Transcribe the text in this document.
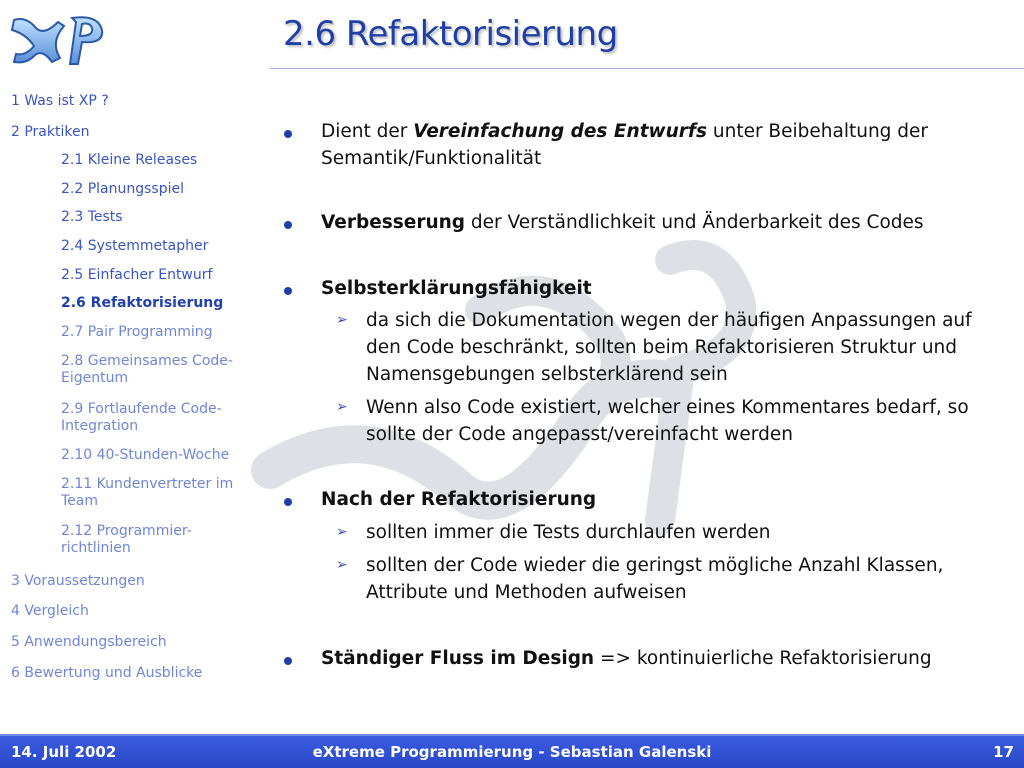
2.6 Refaktorisierung
1 Was ist XP ?
2 Praktiken
2.1 Kleine Releases
2.2 Planungsspiel
2.3 Tests
2.4 Systemmetapher
2.5 Einfacher Entwurf
2.6 Refaktorisierung
2.7 Pair Programming
2.8 Gemeinsames Code-Eigentum
2.9 Fortlaufende Code-Integration
2.10 40-Stunden-Woche
2.11 Kundenvertreter im Team
2.12 Programmier-richtlinien
3 Voraussetzungen
4 Vergleich
5 Anwendungsbereich
6 Bewertung und Ausblicke
Dient der Vereinfachung des Entwurfs unter Beibehaltung der Semantik/Funktionalität
Verbesserung der Verständlichkeit und Änderbarkeit des Codes
Selbsterklärungsfähigkeit
➢ da sich die Dokumentation wegen der häufigen Anpassungen auf den Code beschränkt, sollten beim Refaktorisieren Struktur und Namensgebungen selbsterklärend sein
➢ Wenn also Code existiert, welcher eines Kommentares bedarf, so sollte der Code angepasst/vereinfacht werden
Nach der Refaktorisierung
➢ sollten immer die Tests durchlaufen werden
➢ sollten der Code wieder die geringst mögliche Anzahl Klassen, Attribute und Methoden aufweisen
Ständiger Fluss im Design => kontinuierliche Refaktorisierung
14. Juli 2002	eXtreme Programmierung - Sebastian Galenski	17
